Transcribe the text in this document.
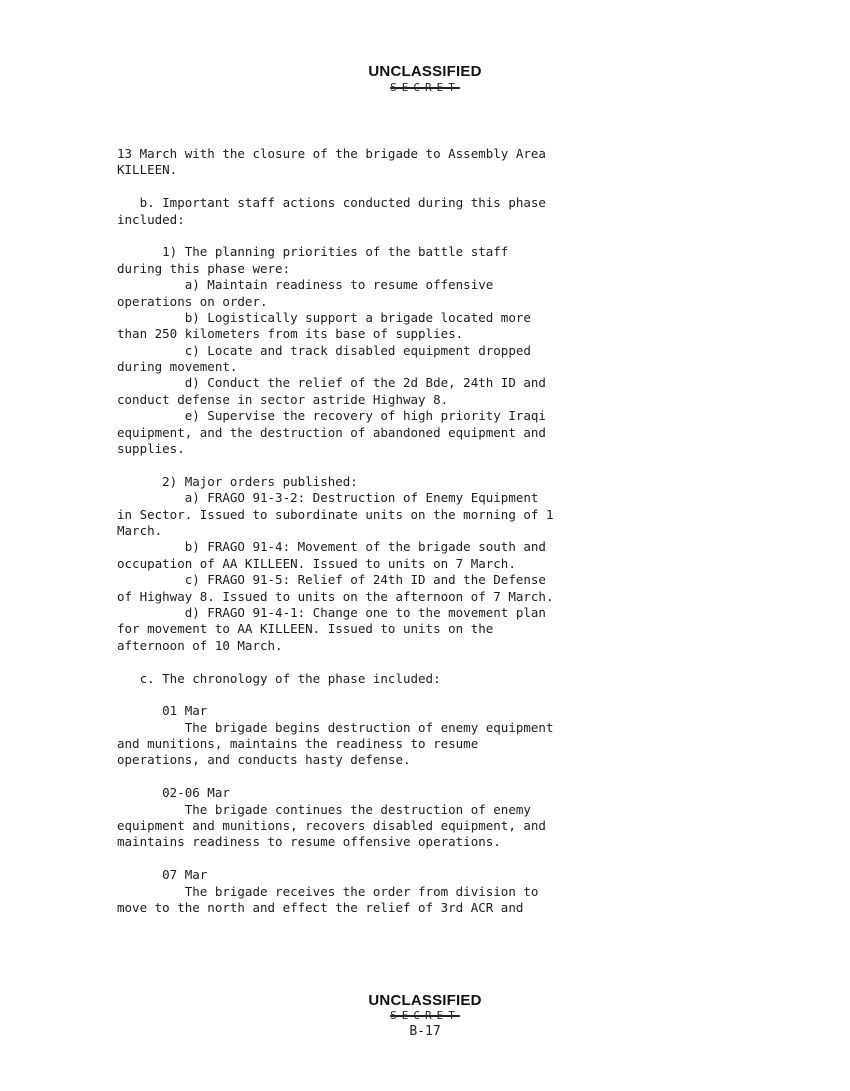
UNCLASSIFIED
SECRET
13 March with the closure of the brigade to Assembly Area
KILLEEN.
b. Important staff actions conducted during this phase
included:
1) The planning priorities of the battle staff
during this phase were:
a) Maintain readiness to resume offensive
operations on order.
b) Logistically support a brigade located more
than 250 kilometers from its base of supplies.
c) Locate and track disabled equipment dropped
during movement.
d) Conduct the relief of the 2d Bde, 24th ID and
conduct defense in sector astride Highway 8.
e) Supervise the recovery of high priority Iraqi
equipment, and the destruction of abandoned equipment and
supplies.
2) Major orders published:
a) FRAGO 91-3-2: Destruction of Enemy Equipment
in Sector. Issued to subordinate units on the morning of 1
March.
b) FRAGO 91-4: Movement of the brigade south and
occupation of AA KILLEEN. Issued to units on 7 March.
c) FRAGO 91-5: Relief of 24th ID and the Defense
of Highway 8. Issued to units on the afternoon of 7 March.
d) FRAGO 91-4-1: Change one to the movement plan
for movement to AA KILLEEN. Issued to units on the
afternoon of 10 March.
c. The chronology of the phase included:
01 Mar
The brigade begins destruction of enemy equipment
and munitions, maintains the readiness to resume
operations, and conducts hasty defense.
02-06 Mar
The brigade continues the destruction of enemy
equipment and munitions, recovers disabled equipment, and
maintains readiness to resume offensive operations.
07 Mar
The brigade receives the order from division to
move to the north and effect the relief of 3rd ACR and
UNCLASSIFIED
SECRET
B-17
